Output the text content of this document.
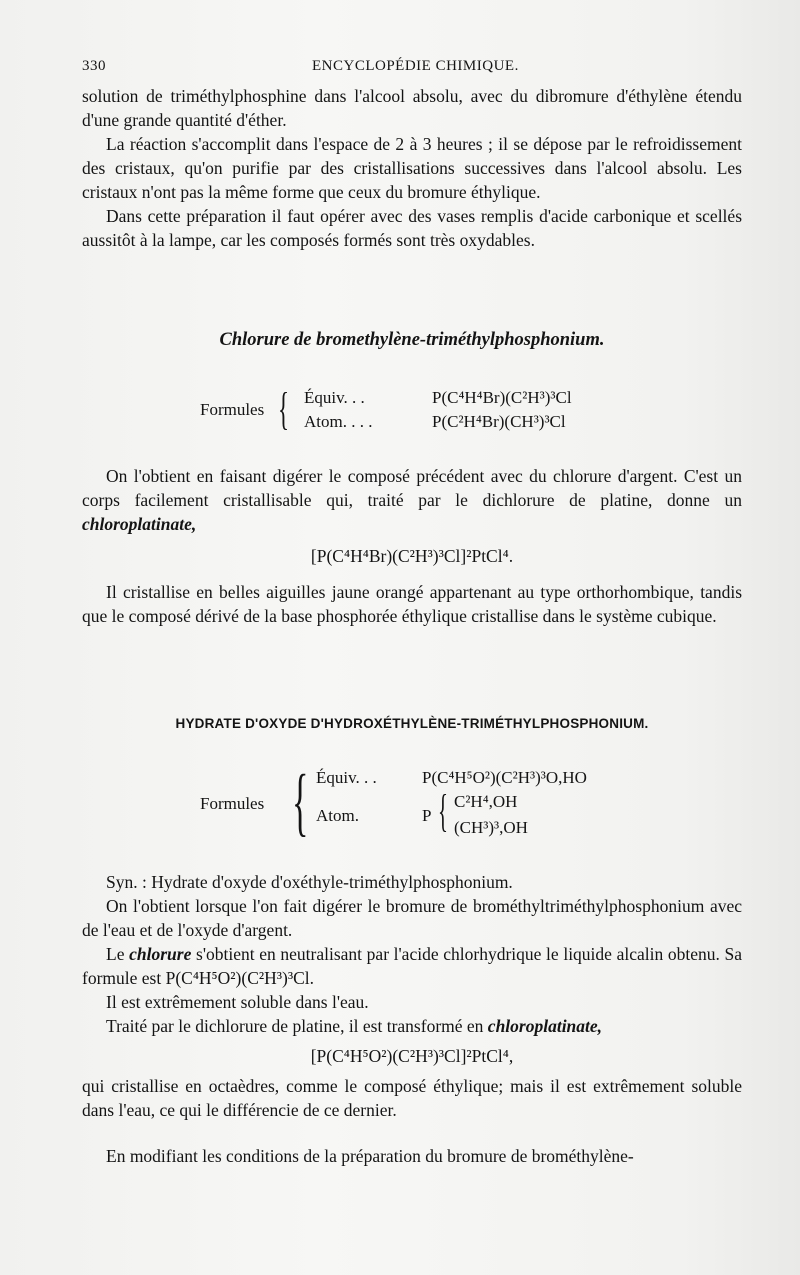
330	ENCYCLOPÉDIE CHIMIQUE.

solution de triméthylphosphine dans l'alcool absolu, avec du dibromure d'éthylène étendu d'une grande quantité d'éther.

La réaction s'accomplit dans l'espace de 2 à 3 heures ; il se dépose par le refroidissement des cristaux, qu'on purifie par des cristallisations successives dans l'alcool absolu. Les cristaux n'ont pas la même forme que ceux du bromure éthylique.

Dans cette préparation il faut opérer avec des vases remplis d'acide carbonique et scellés aussitôt à la lampe, car les composés formés sont très oxydables.

Chlorure de bromethylène-triméthylphosphonium.
Formules { Équiv. . .	P(C⁴H⁴Br)(C²H³)³Cl
Atom. . . .	P(C²H⁴Br)(CH³)³Cl

On l'obtient en faisant digérer le composé précédent avec du chlorure d'argent. C'est un corps facilement cristallisable qui, traité par le dichlorure de platine, donne un chloroplatinate,

[P(C⁴H⁴Br)(C²H³)³Cl]²PtCl⁴.

Il cristallise en belles aiguilles jaune orangé appartenant au type orthorhombique, tandis que le composé dérivé de la base phosphorée éthylique cristallise dans le système cubique.

HYDRATE D'OXYDE D'HYDROXÉTHYLÈNE-TRIMÉTHYLPHOSPHONIUM.
Formules { Équiv. . .	P(C⁴H⁵O²)(C²H³)³O,HO
Atom.	P { C²H⁴,OH
(CH³)³,OH

Syn. : Hydrate d'oxyde d'oxéthyle-triméthylphosphonium.

On l'obtient lorsque l'on fait digérer le bromure de brométhyltriméthylphosphonium avec de l'eau et de l'oxyde d'argent.

Le chlorure s'obtient en neutralisant par l'acide chlorhydrique le liquide alcalin obtenu. Sa formule est P(C⁴H⁵O²)(C²H³)³Cl.

Il est extrêmement soluble dans l'eau.

Traité par le dichlorure de platine, il est transformé en chloroplatinate,

[P(C⁴H⁵O²)(C²H³)³Cl]²PtCl⁴,

qui cristallise en octaèdres, comme le composé éthylique; mais il est extrêmement soluble dans l'eau, ce qui le différencie de ce dernier.

En modifiant les conditions de la préparation du bromure de brométhylène-
